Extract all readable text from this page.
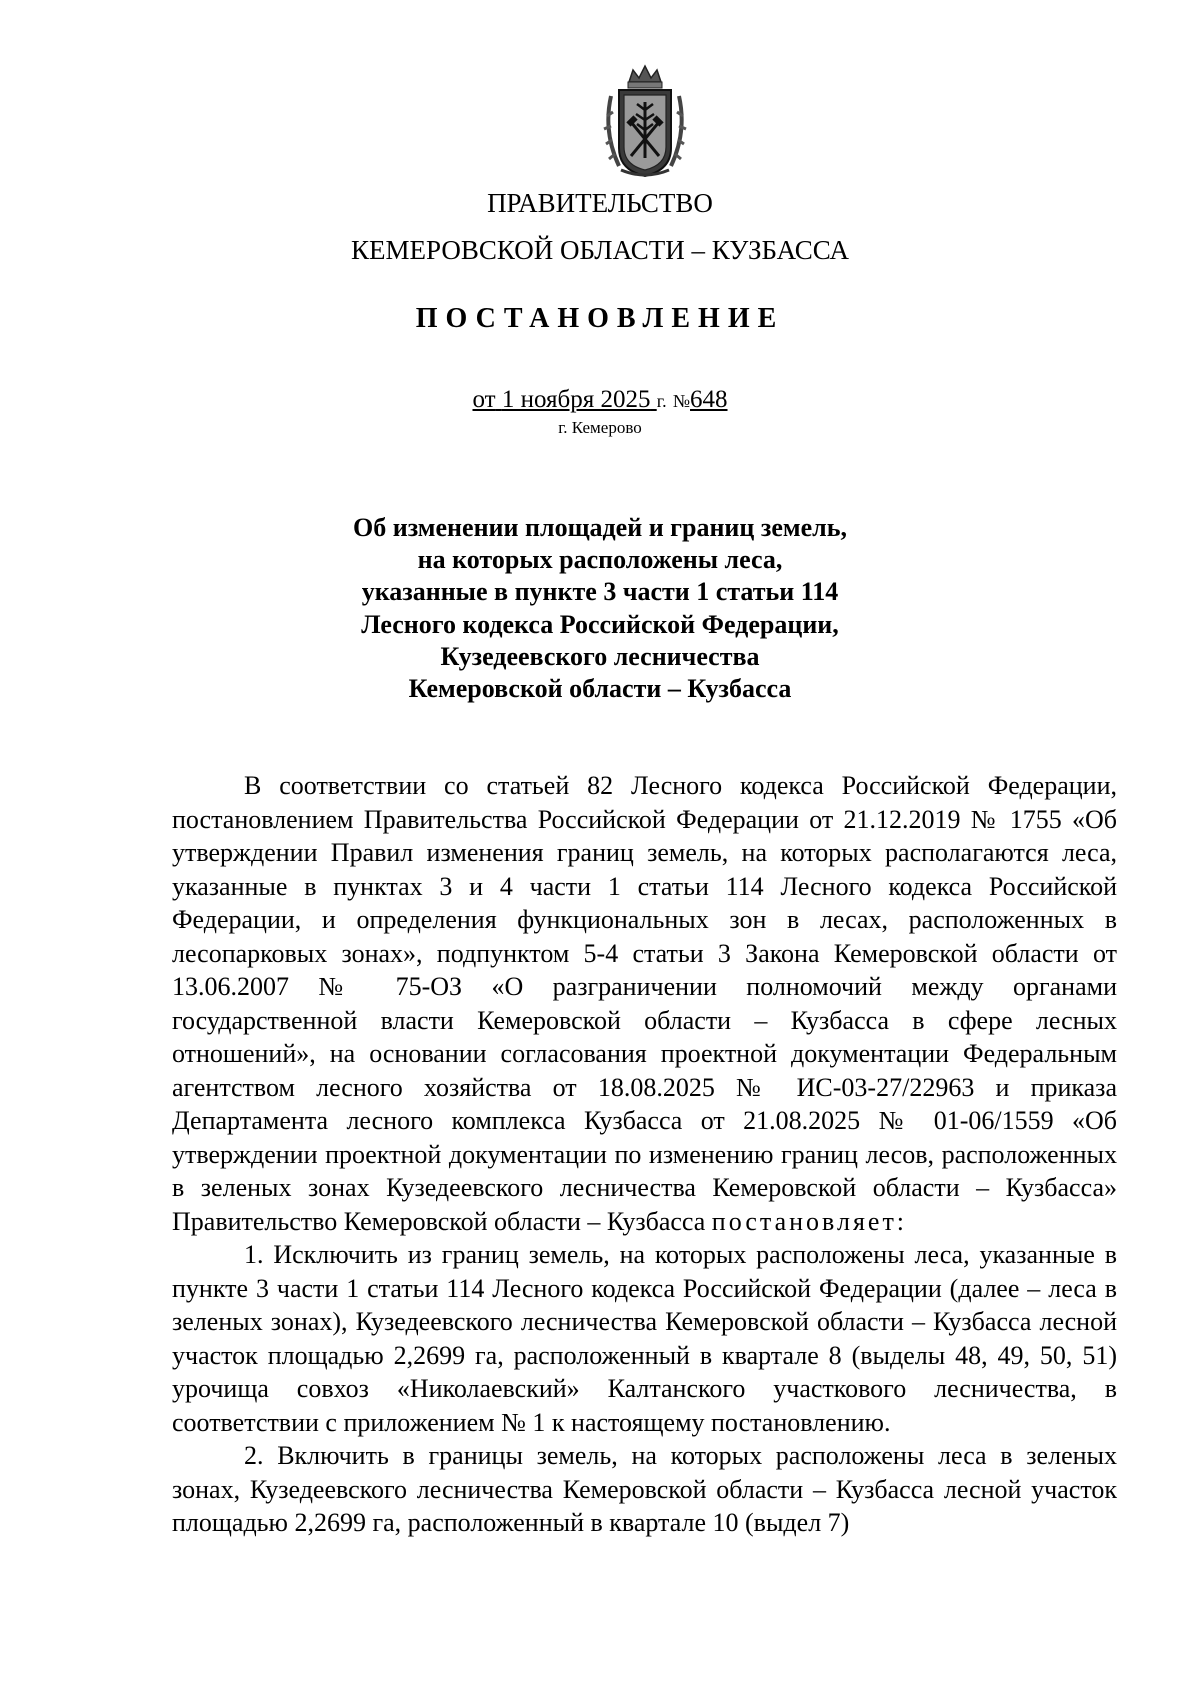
ПРАВИТЕЛЬСТВО
КЕМЕРОВСКОЙ ОБЛАСТИ – КУЗБАССА
ПОСТАНОВЛЕНИЕ
от 1 ноября 2025 г. №648
г. Кемерово
Об изменении площадей и границ земель,
на которых расположены леса,
указанные в пункте 3 части 1 статьи 114
Лесного кодекса Российской Федерации,
Кузедеевского лесничества
Кемеровской области – Кузбасса

В соответствии со статьей 82 Лесного кодекса Российской Федерации, постановлением Правительства Российской Федерации от 21.12.2019 № 1755 «Об утверждении Правил изменения границ земель, на которых располагаются леса, указанные в пунктах 3 и 4 части 1 статьи 114 Лесного кодекса Российской Федерации, и определения функциональных зон в лесах, расположенных в лесопарковых зонах», подпунктом 5-4 статьи 3 Закона Кемеровской области от 13.06.2007 № 75-ОЗ «О разграничении полномочий между органами государственной власти Кемеровской области – Кузбасса в сфере лесных отношений», на основании согласования проектной документации Федеральным агентством лесного хозяйства от 18.08.2025 № ИС-03-27/22963 и приказа Департамента лесного комплекса Кузбасса от 21.08.2025 № 01-06/1559 «Об утверждении проектной документации по изменению границ лесов, расположенных в зеленых зонах Кузедеевского лесничества Кемеровской области – Кузбасса» Правительство Кемеровской области – Кузбасса постановляет:

1. Исключить из границ земель, на которых расположены леса, указанные в пункте 3 части 1 статьи 114 Лесного кодекса Российской Федерации (далее – леса в зеленых зонах), Кузедеевского лесничества Кемеровской области – Кузбасса лесной участок площадью 2,2699 га, расположенный в квартале 8 (выделы 48, 49, 50, 51) урочища совхоз «Николаевский» Калтанского участкового лесничества, в соответствии с приложением № 1 к настоящему постановлению.

2. Включить в границы земель, на которых расположены леса в зеленых зонах, Кузедеевского лесничества Кемеровской области – Кузбасса лесной участок площадью 2,2699 га, расположенный в квартале 10 (выдел 7)
